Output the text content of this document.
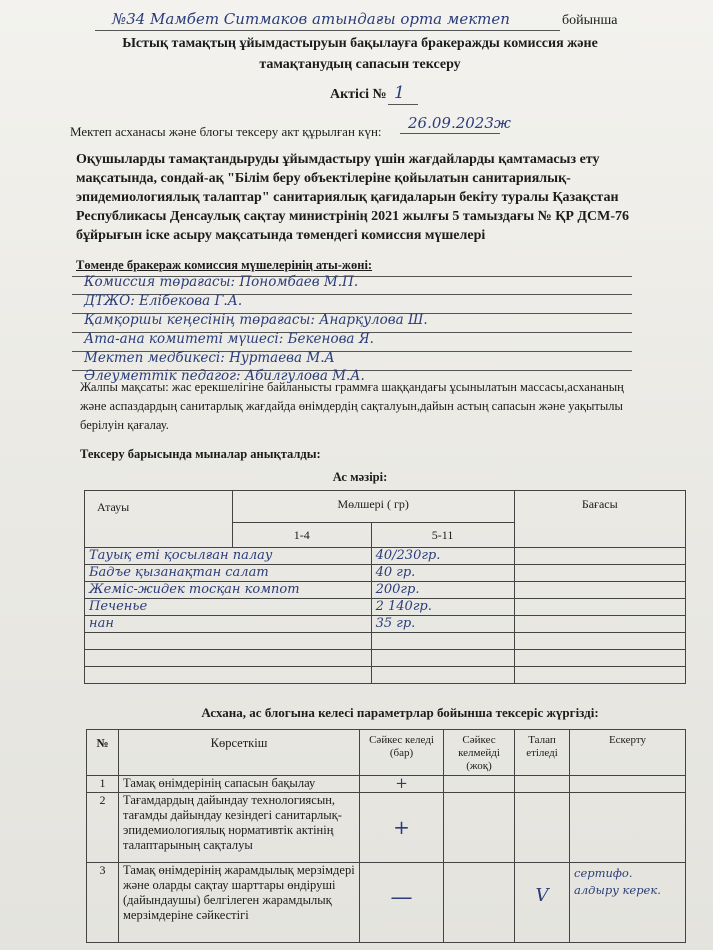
№34 Мамбет Ситмаков атындағы орта мектеп	бойынша
Ыстық тамақтың ұйымдастыруын бақылауға бракеражды комиссия және
тамақтанудың сапасын тексеру
Актісі № 1
Мектеп асханасы және блогы тексеру акт құрылған күн: 26.09.2023ж
Оқушыларды тамақтандыруды ұйымдастыру үшін жағдайларды қамтамасыз ету мақсатында, сондай-ақ "Білім беру объектілеріне қойылатын санитариялық-эпидемиологиялық талаптар" санитариялық қағидаларын бекіту туралы Қазақстан Республикасы Денсаулық сақтау министрінің 2021 жылғы 5 тамыздағы № ҚР ДСМ-76 бұйрығын іске асыру мақсатында төмендегі комиссия мүшелері
Төменде бракераж комиссия мүшелерінің аты-жөні:
Комиссия төрағасы: Пономбаев М.П.
ДТЖО: Елібекова Г.А.
Қамқоршы кеңесінің төрағасы: Анарқулова Ш.
Ата-ана комитеті мүшесі: Бекенова Я.
Мектеп медбикесі: Нуртаева М.А
Әлеуметтік педагог: Абилгулова М.А.
Жалпы мақсаты: жас ерекшелігіне байланысты граммға шаққандағы ұсынылатын массасы,асхананың және аспаздардың санитарлық жағдайда өнімдердің сақталуын,дайын астың сапасын және уақытылы берілуін қағалау.
Тексеру барысында мыналар анықталды:
Ас мәзірі:
Атауы	Мөлшері ( гр)		Бағасы
	1-4	5-11	
Тауық еті қосылған палау		40/230гр.	
Бадъе қызанақтан салат		40 гр.	
Жеміс-жидек тосқан компот		200гр.	
Печенье		2 140гр.	
нан		35 гр.	

Асхана, ас блогына келесі параметрлар бойынша тексеріс жүргізді:
№	Көрсеткіш	Сәйкес келеді (бар)	Сәйкес келмейді (жоқ)	Талап етіледі	Ескерту
1	Тамақ өнімдерінің сапасын бақылау	+			
2	Тағамдардың дайындау технологиясын, тағамды дайындау кезіндегі санитарлық-эпидемиологиялық нормативтік актінің талаптарының сақталуы	+			
3	Тамақ өнімдерінің жарамдылық мерзімдері және оларды сақтау шарттары өндіруші (дайындаушы) белгілеген жарамдылық мерзімдеріне сәйкестігі	—		V	сертифо. алдыру керек.
